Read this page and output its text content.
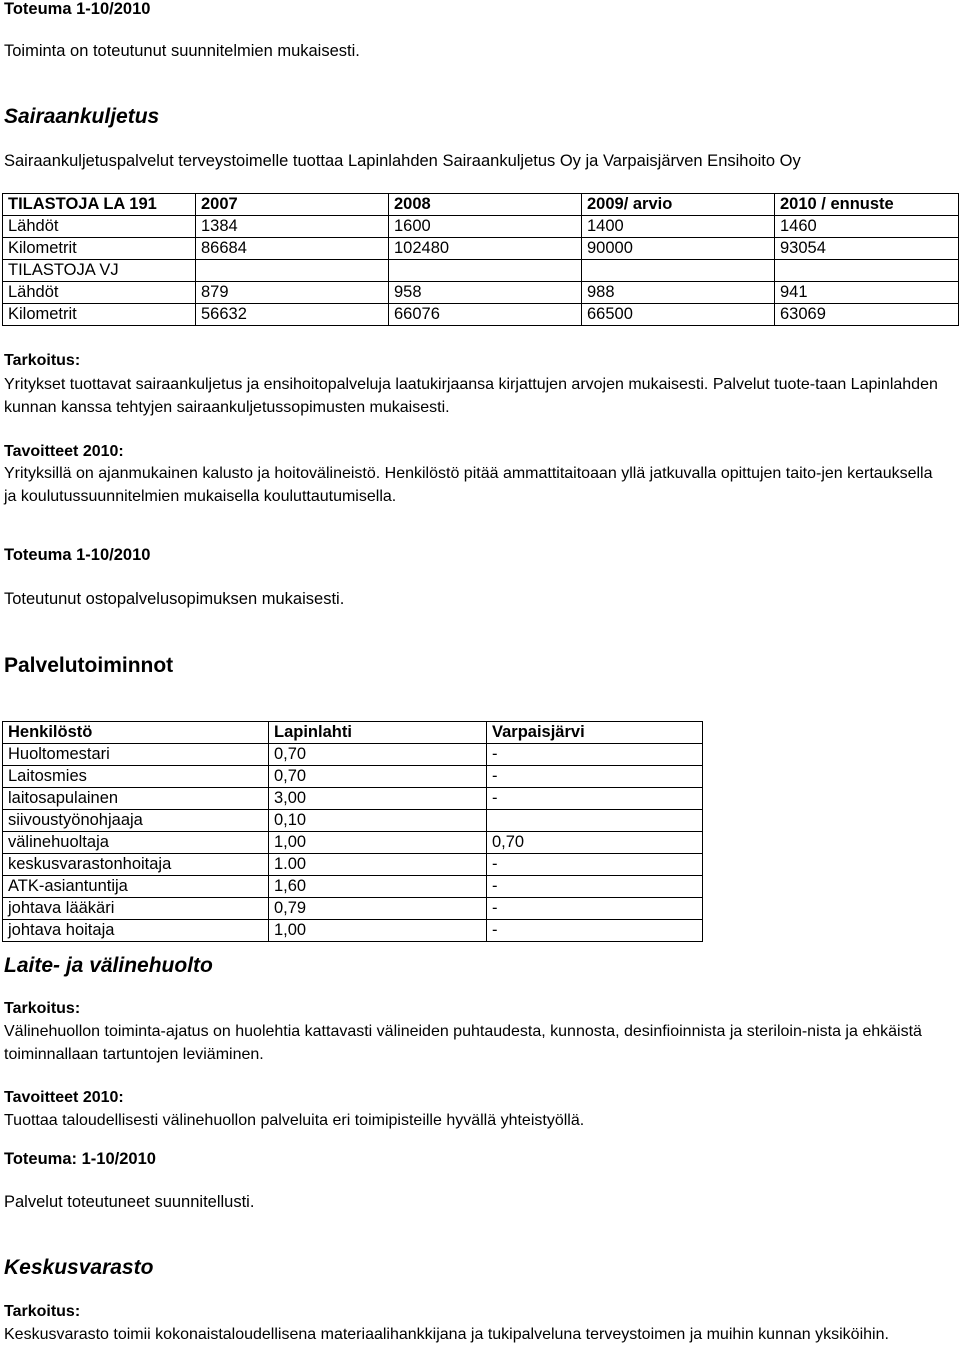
Toteuma 1-10/2010
Toiminta on toteutunut suunnitelmien mukaisesti.
Sairaankuljetus
Sairaankuljetuspalvelut terveystoimelle tuottaa Lapinlahden Sairaankuljetus Oy ja Varpaisjärven Ensihoito Oy
TILASTOJA LA 191	2007	2008	2009/ arvio	2010 / ennuste
Lähdöt	1384	1600	1400	1460
Kilometrit	86684	102480	90000	93054
TILASTOJA VJ				
Lähdöt	879	958	988	941
Kilometrit	56632	66076	66500	63069
Tarkoitus:

Yritykset tuottavat sairaankuljetus ja ensihoitopalveluja laatukirjaansa kirjattujen arvojen mukaisesti. Palvelut tuote-taan Lapinlahden kunnan kanssa tehtyjen sairaankuljetussopimusten mukaisesti.

Tavoitteet 2010:

Yrityksillä on ajanmukainen kalusto ja hoitovälineistö. Henkilöstö pitää ammattitaitoaan yllä jatkuvalla opittujen taito-jen kertauksella ja koulutussuunnitelmien mukaisella kouluttautumisella.

Toteuma 1-10/2010
Toteutunut ostopalvelusopimuksen mukaisesti.
Palvelutoiminnot
Henkilöstö	Lapinlahti	Varpaisjärvi
Huoltomestari	0,70	-
Laitosmies	0,70	-
laitosapulainen	3,00	-
siivoustyönohjaaja	0,10	
välinehuoltaja	1,00	0,70
keskusvarastonhoitaja	1.00	-
ATK-asiantuntija	1,60	-
johtava lääkäri	0,79	-
johtava hoitaja	1,00	-
Laite- ja välinehuolto
Tarkoitus:

Välinehuollon toiminta-ajatus on huolehtia kattavasti välineiden puhtaudesta, kunnosta, desinfioinnista ja steriloin-nista ja ehkäistä toiminnallaan tartuntojen leviäminen.

Tavoitteet 2010:
Tuottaa taloudellisesti välinehuollon palveluita eri toimipisteille hyvällä yhteistyöllä.
Toteuma: 1-10/2010
Palvelut toteutuneet suunnitellusti.
Keskusvarasto
Tarkoitus:

Keskusvarasto toimii kokonaistaloudellisena materiaalihankkijana ja tukipalveluna terveystoimen ja muihin kunnan yksiköihin.
